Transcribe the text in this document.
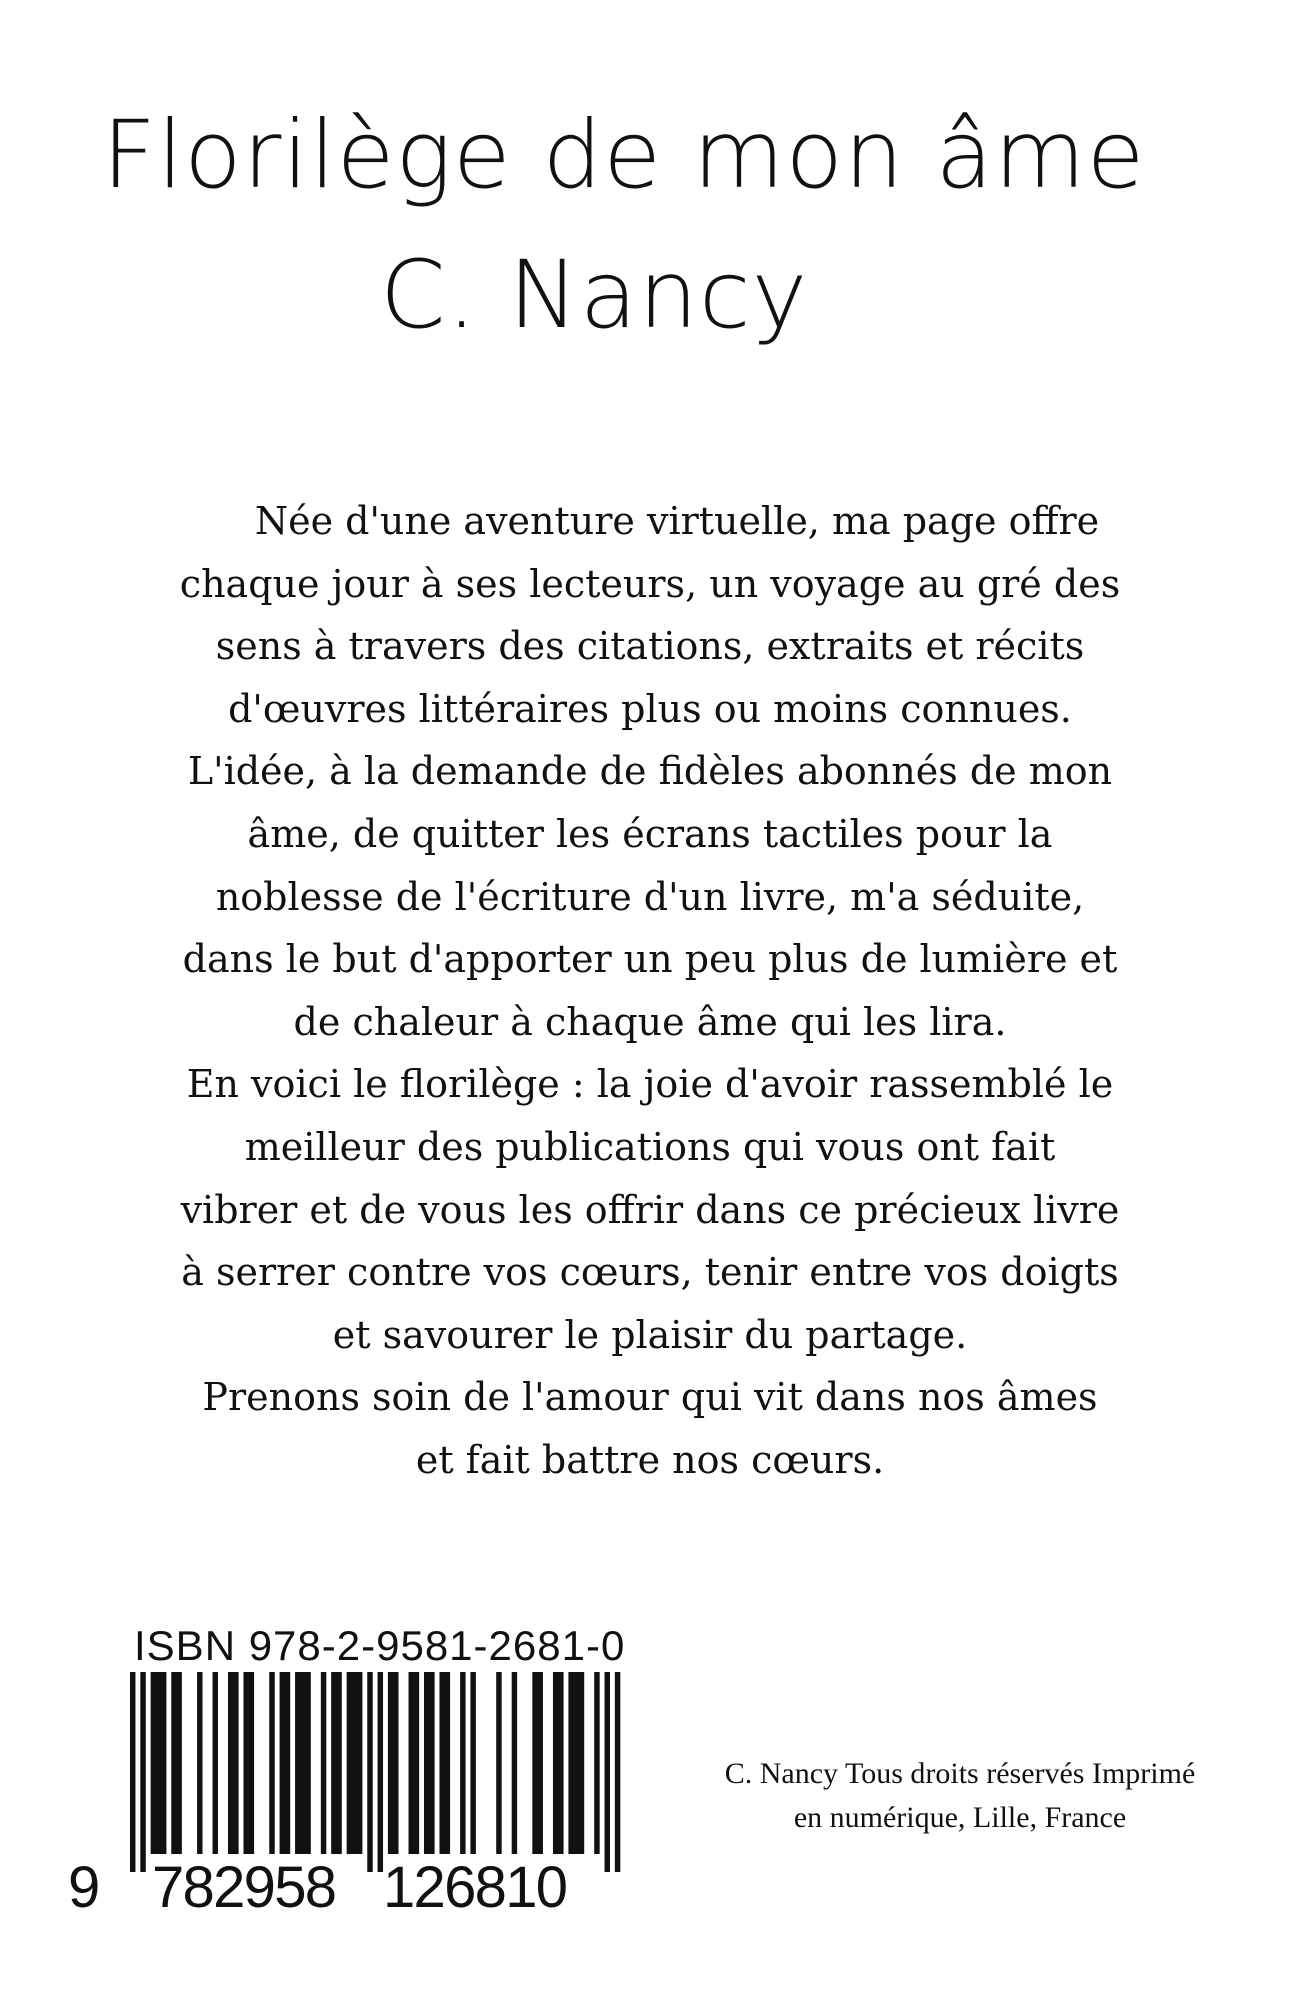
Florilège de mon âme
C. Nancy

Née d'une aventure virtuelle, ma page offre
chaque jour à ses lecteurs, un voyage au gré des
sens à travers des citations, extraits et récits
d'œuvres littéraires plus ou moins connues.
L'idée, à la demande de fidèles abonnés de mon
âme, de quitter les écrans tactiles pour la
noblesse de l'écriture d'un livre, m'a séduite,
dans le but d'apporter un peu plus de lumière et
de chaleur à chaque âme qui les lira.
En voici le florilège : la joie d'avoir rassemblé le
meilleur des publications qui vous ont fait
vibrer et de vous les offrir dans ce précieux livre
à serrer contre vos cœurs, tenir entre vos doigts
et savourer le plaisir du partage.
Prenons soin de l'amour qui vit dans nos âmes
et fait battre nos cœurs.

ISBN 978-2-9581-2681-0
9 782958 126810

C. Nancy Tous droits réservés Imprimé
en numérique, Lille, France
